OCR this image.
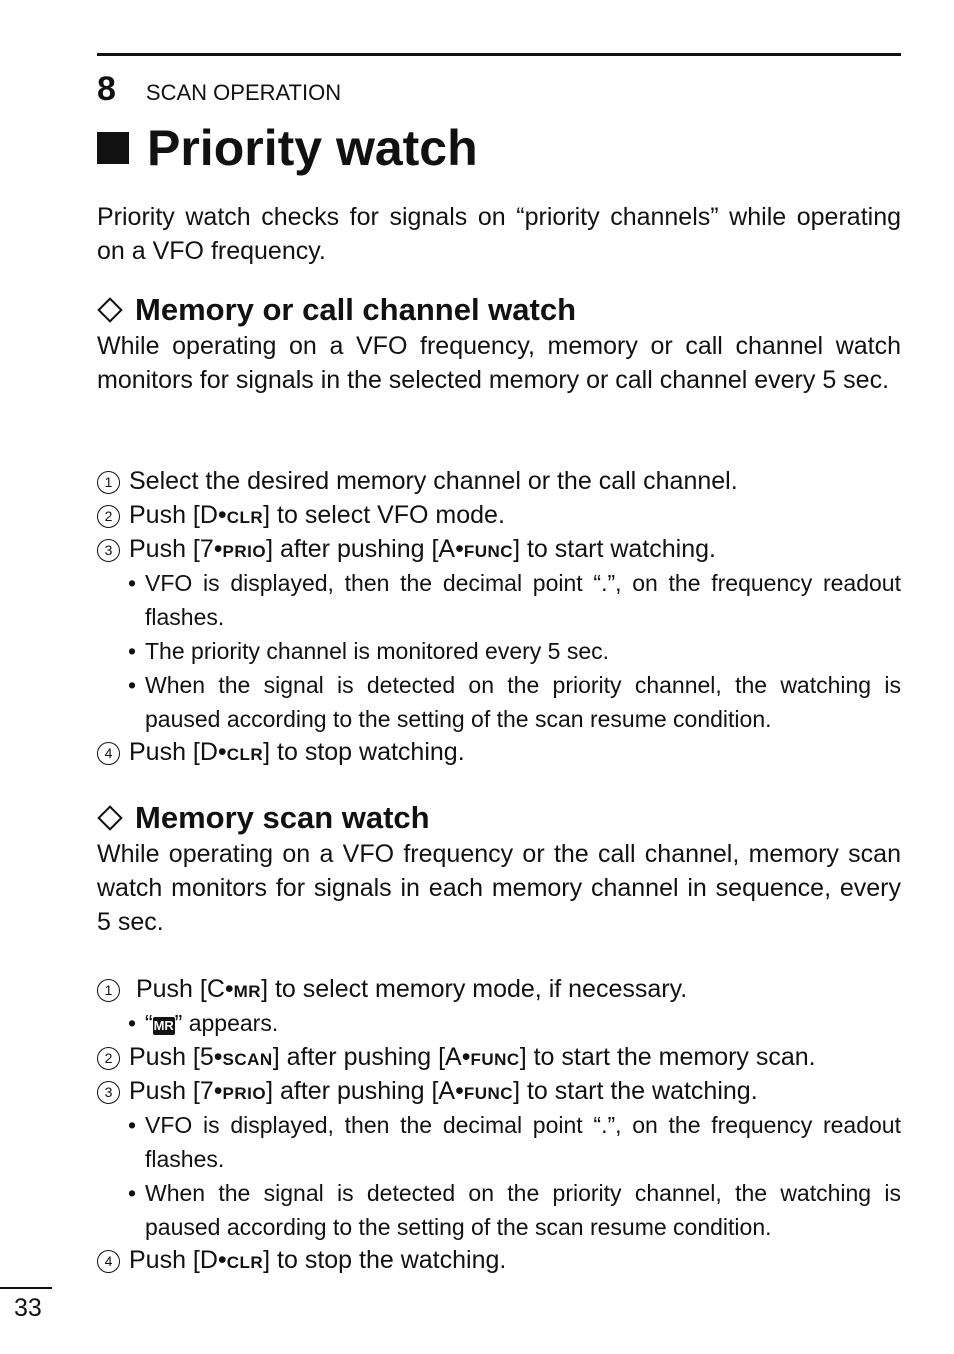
8 SCAN OPERATION
Priority watch
Priority watch checks for signals on “priority channels” while operating on a VFO frequency.
Memory or call channel watch
While operating on a VFO frequency, memory or call channel watch monitors for signals in the selected memory or call channel every 5 sec.
1 Select the desired memory channel or the call channel.
2 Push [D•CLR] to select VFO mode.
3 Push [7•PRIO] after pushing [A•FUNC] to start watching.
• VFO is displayed, then the decimal point “.”, on the frequency readout flashes.
• The priority channel is monitored every 5 sec.
• When the signal is detected on the priority channel, the watching is paused according to the setting of the scan resume condition.
4 Push [D•CLR] to stop watching.
Memory scan watch
While operating on a VFO frequency or the call channel, memory scan watch monitors for signals in each memory channel in sequence, every 5 sec.
1 Push [C•MR] to select memory mode, if necessary.
• “MR” appears.
2 Push [5•SCAN] after pushing [A•FUNC] to start the memory scan.
3 Push [7•PRIO] after pushing [A•FUNC] to start the watching.
• VFO is displayed, then the decimal point “.”, on the frequency readout flashes.
• When the signal is detected on the priority channel, the watching is paused according to the setting of the scan resume condition.
4 Push [D•CLR] to stop the watching.
33
